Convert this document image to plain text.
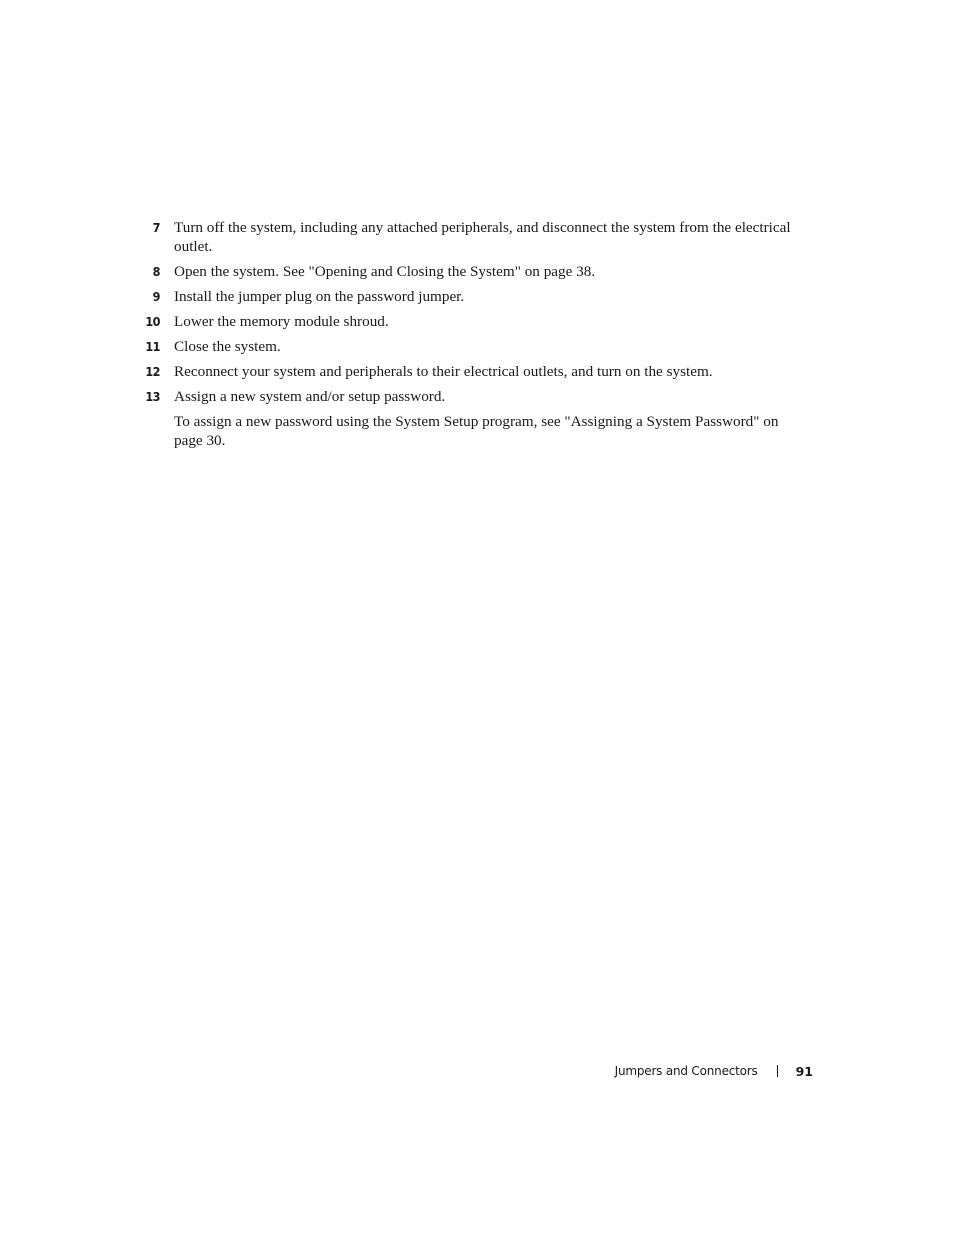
7 Turn off the system, including any attached peripherals, and disconnect the system from the electrical outlet.
8 Open the system. See "Opening and Closing the System" on page 38.
9 Install the jumper plug on the password jumper.
10 Lower the memory module shroud.
11 Close the system.
12 Reconnect your system and peripherals to their electrical outlets, and turn on the system.
13 Assign a new system and/or setup password.
To assign a new password using the System Setup program, see "Assigning a System Password" on page 30.
Jumpers and Connectors	91
